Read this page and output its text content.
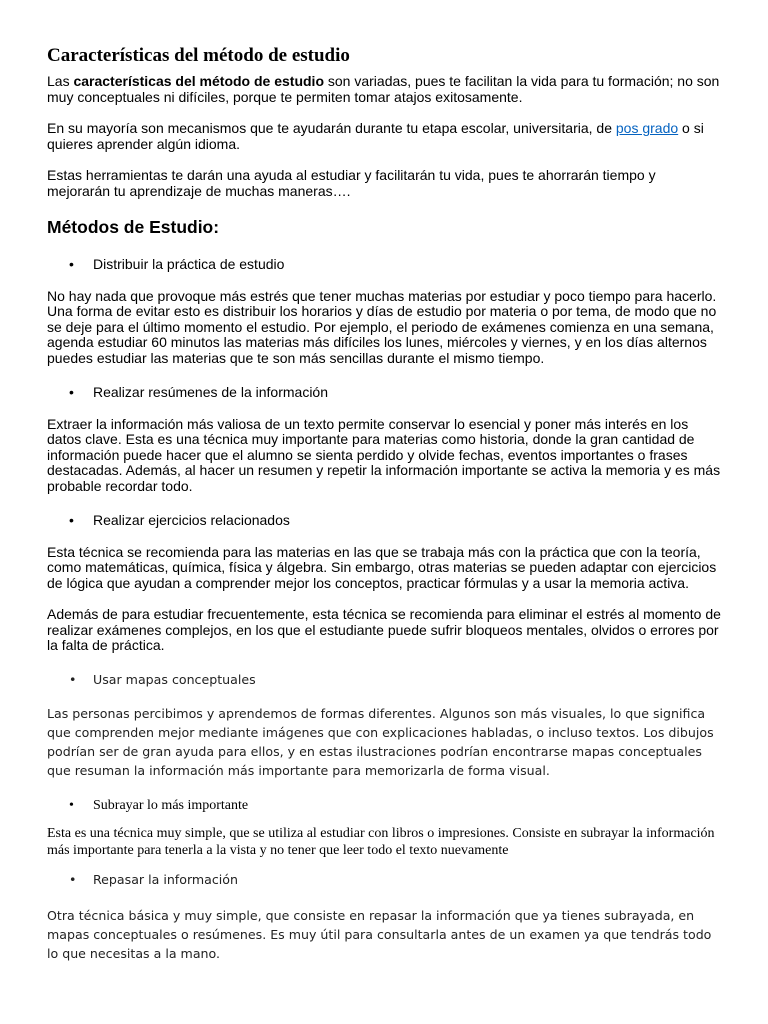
Características del método de estudio

Las características del método de estudio son variadas, pues te facilitan la vida para tu formación; no son muy conceptuales ni difíciles, porque te permiten tomar atajos exitosamente.

En su mayoría son mecanismos que te ayudarán durante tu etapa escolar, universitaria, de pos grado o si quieres aprender algún idioma.

Estas herramientas te darán una ayuda al estudiar y facilitarán tu vida, pues te ahorrarán tiempo y mejorarán tu aprendizaje de muchas maneras….

Métodos de Estudio:
• Distribuir la práctica de estudio

No hay nada que provoque más estrés que tener muchas materias por estudiar y poco tiempo para hacerlo. Una forma de evitar esto es distribuir los horarios y días de estudio por materia o por tema, de modo que no se deje para el último momento el estudio. Por ejemplo, el periodo de exámenes comienza en una semana, agenda estudiar 60 minutos las materias más difíciles los lunes, miércoles y viernes, y en los días alternos puedes estudiar las materias que te son más sencillas durante el mismo tiempo.

• Realizar resúmenes de la información

Extraer la información más valiosa de un texto permite conservar lo esencial y poner más interés en los datos clave. Esta es una técnica muy importante para materias como historia, donde la gran cantidad de información puede hacer que el alumno se sienta perdido y olvide fechas, eventos importantes o frases destacadas. Además, al hacer un resumen y repetir la información importante se activa la memoria y es más probable recordar todo.

• Realizar ejercicios relacionados

Esta técnica se recomienda para las materias en las que se trabaja más con la práctica que con la teoría, como matemáticas, química, física y álgebra. Sin embargo, otras materias se pueden adaptar con ejercicios de lógica que ayudan a comprender mejor los conceptos, practicar fórmulas y a usar la memoria activa.

Además de para estudiar frecuentemente, esta técnica se recomienda para eliminar el estrés al momento de realizar exámenes complejos, en los que el estudiante puede sufrir bloqueos mentales, olvidos o errores por la falta de práctica.

• Usar mapas conceptuales

Las personas percibimos y aprendemos de formas diferentes. Algunos son más visuales, lo que significa que comprenden mejor mediante imágenes que con explicaciones habladas, o incluso textos. Los dibujos podrían ser de gran ayuda para ellos, y en estas ilustraciones podrían encontrarse mapas conceptuales que resuman la información más importante para memorizarla de forma visual.

• Subrayar lo más importante

Esta es una técnica muy simple, que se utiliza al estudiar con libros o impresiones. Consiste en subrayar la información más importante para tenerla a la vista y no tener que leer todo el texto nuevamente

• Repasar la información

Otra técnica básica y muy simple, que consiste en repasar la información que ya tienes subrayada, en mapas conceptuales o resúmenes. Es muy útil para consultarla antes de un examen ya que tendrás todo lo que necesitas a la mano.
